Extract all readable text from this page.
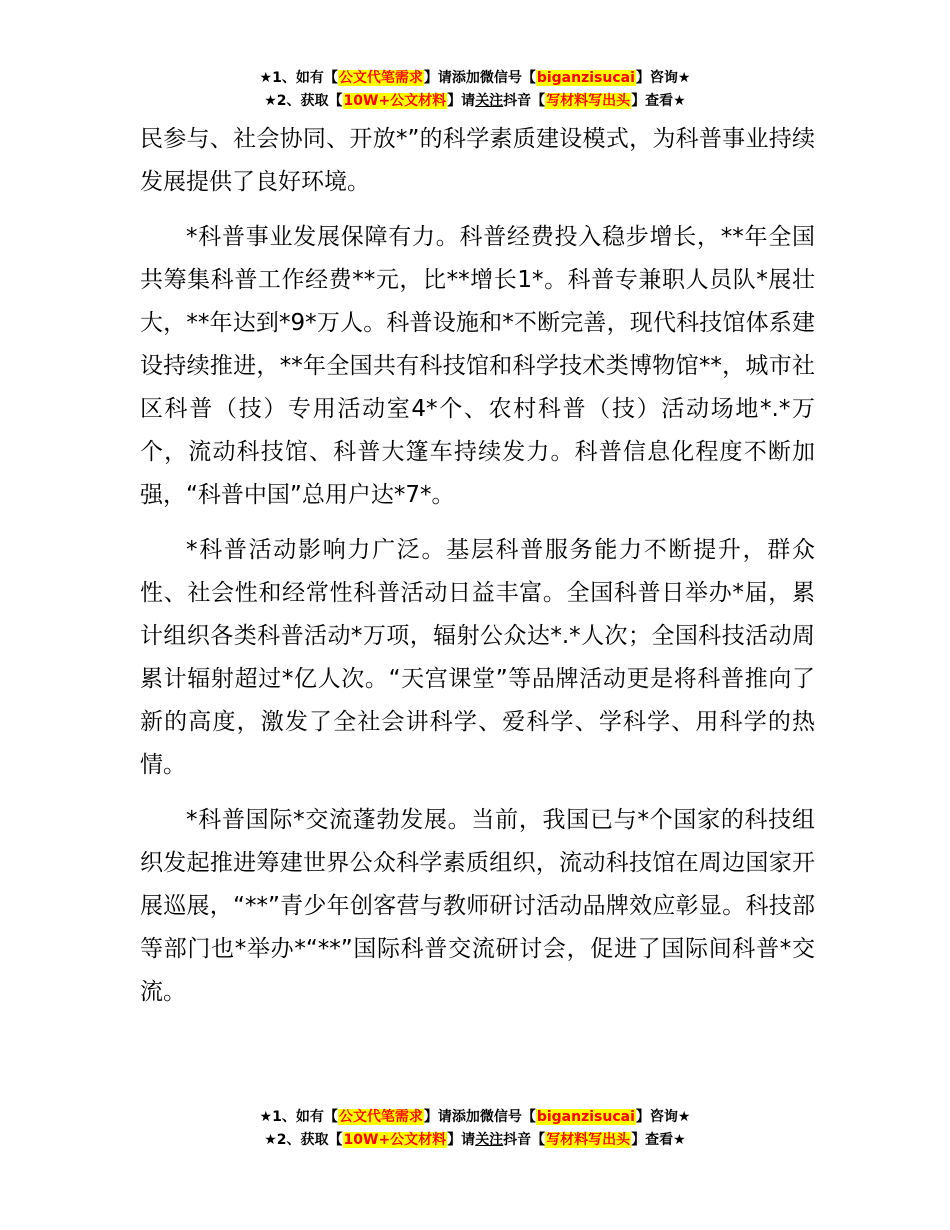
★1、如有【公文代笔需求】请添加微信号【biganzisucai】咨询★
★2、获取【10W+公文材料】请关注抖音【写材料写出头】查看★

民参与、社会协同、开放*”的科学素质建设模式，为科普事业持续发展提供了良好环境。

*科普事业发展保障有力。科普经费投入稳步增长，**年全国共筹集科普工作经费**元，比**增长1*。科普专兼职人员队*展壮大，**年达到*9*万人。科普设施和*不断完善，现代科技馆体系建设持续推进，**年全国共有科技馆和科学技术类博物馆**，城市社区科普（技）专用活动室4*个、农村科普（技）活动场地*.*万个，流动科技馆、科普大篷车持续发力。科普信息化程度不断加强，“科普中国”总用户达*7*。

*科普活动影响力广泛。基层科普服务能力不断提升，群众性、社会性和经常性科普活动日益丰富。全国科普日举办*届，累计组织各类科普活动*万项，辐射公众达*.*人次；全国科技活动周累计辐射超过*亿人次。“天宫课堂”等品牌活动更是将科普推向了新的高度，激发了全社会讲科学、爱科学、学科学、用科学的热情。

*科普国际*交流蓬勃发展。当前，我国已与*个国家的科技组织发起推进筹建世界公众科学素质组织，流动科技馆在周边国家开展巡展，“**”青少年创客营与教师研讨活动品牌效应彰显。科技部等部门也*举办*“**”国际科普交流研讨会，促进了国际间科普*交流。

★1、如有【公文代笔需求】请添加微信号【biganzisucai】咨询★
★2、获取【10W+公文材料】请关注抖音【写材料写出头】查看★
